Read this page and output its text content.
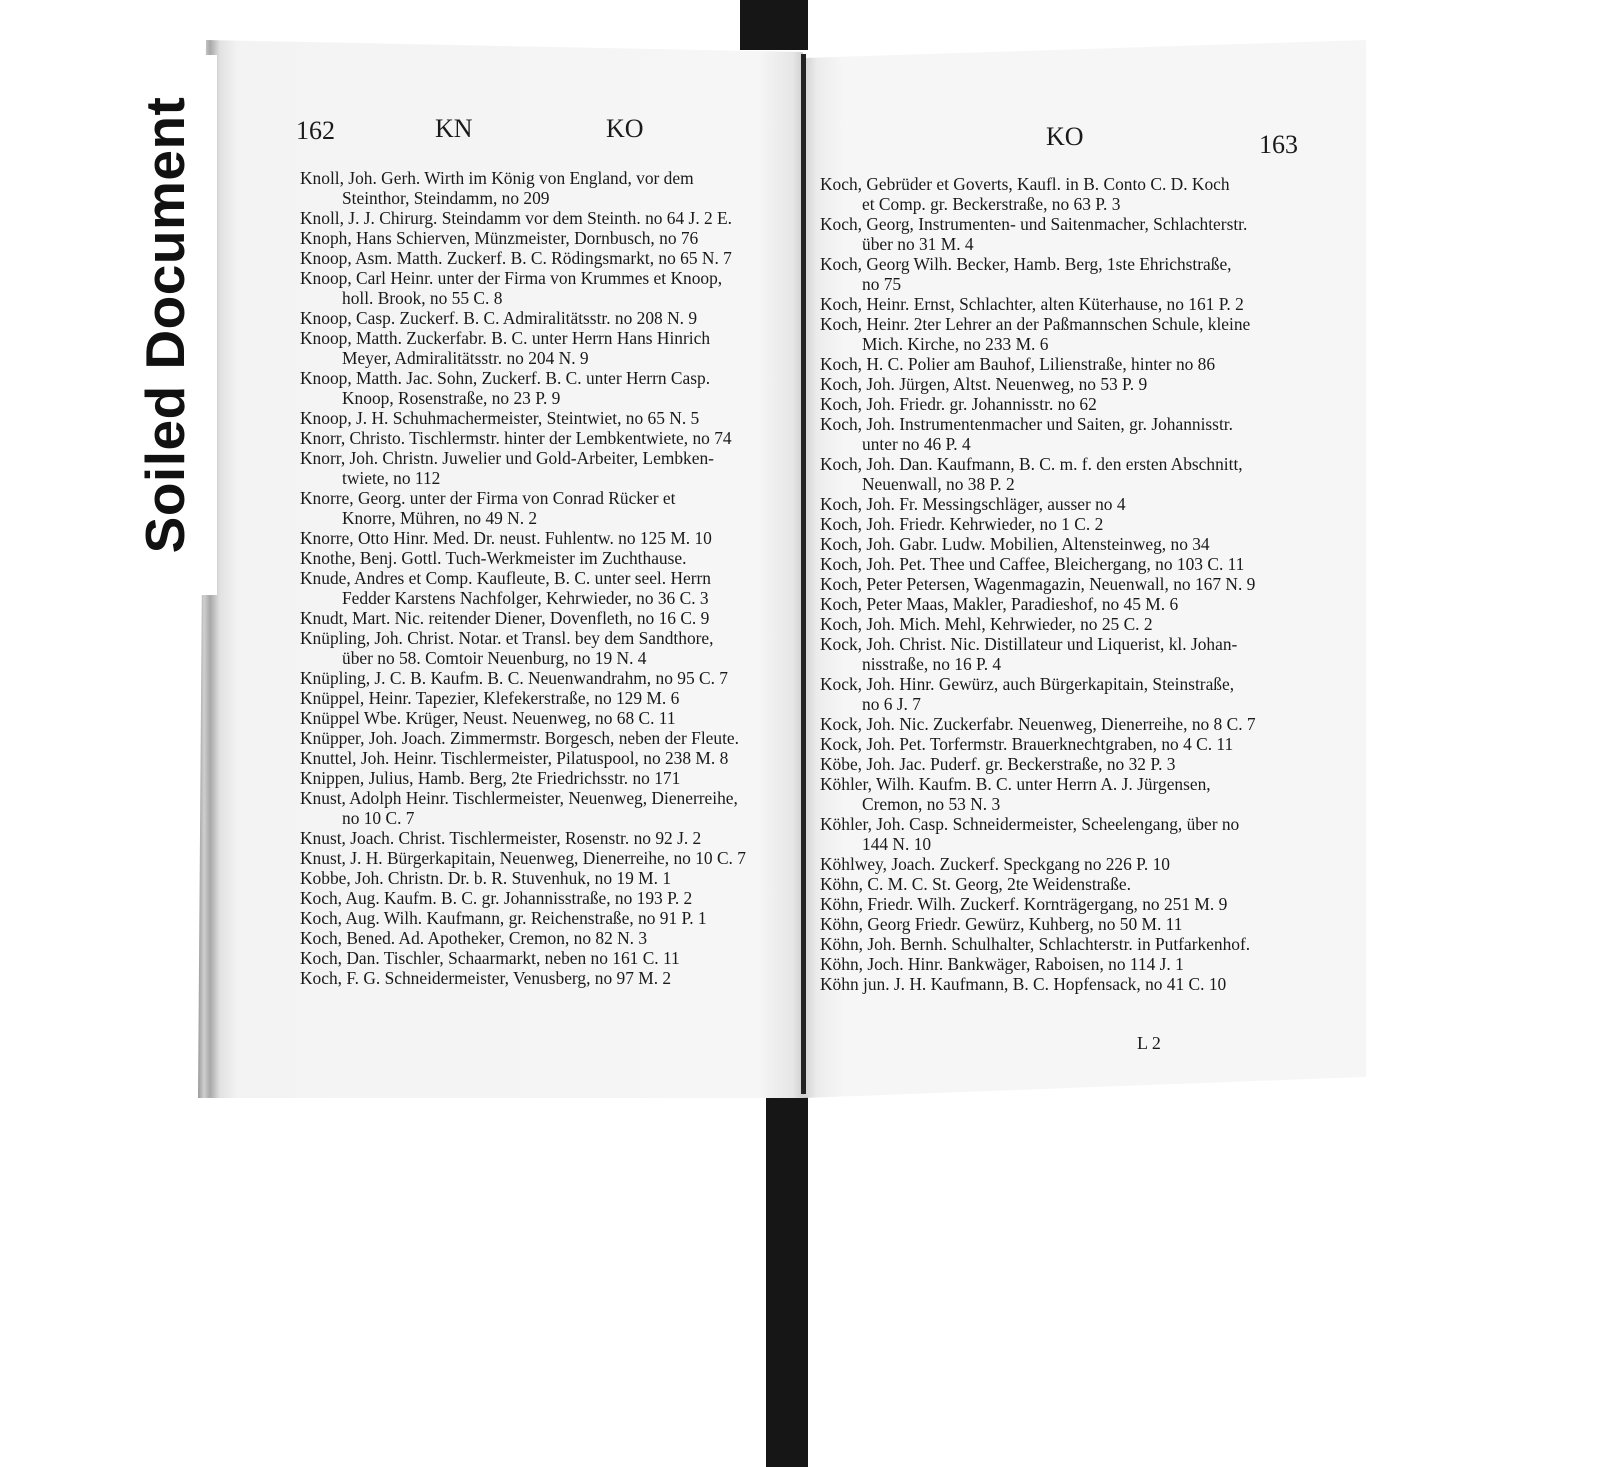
Soiled Document	162	KN	KO	KO	163
Knoll, Joh. Gerh. Wirth im König von England, vor dem
Steinthor, Steindamm, no 209
Knoll, J. J. Chirurg. Steindamm vor dem Steinth. no 64 J. 2 E.
Knoph, Hans Schierven, Münzmeister, Dornbusch, no 76
Knoop, Asm. Matth. Zuckerf. B. C. Rödingsmarkt, no 65 N. 7
Knoop, Carl Heinr. unter der Firma von Krummes et Knoop,
holl. Brook, no 55 C. 8
Knoop, Casp. Zuckerf. B. C. Admiralitätsstr. no 208 N. 9
Knoop, Matth. Zuckerfabr. B. C. unter Herrn Hans Hinrich
Meyer, Admiralitätsstr. no 204 N. 9
Knoop, Matth. Jac. Sohn, Zuckerf. B. C. unter Herrn Casp.
Knoop, Rosenstraße, no 23 P. 9
Knoop, J. H. Schuhmachermeister, Steintwiet, no 65 N. 5
Knorr, Christo. Tischlermstr. hinter der Lembkentwiete, no 74
Knorr, Joh. Christn. Juwelier und Gold-Arbeiter, Lembken-
twiete, no 112
Knorre, Georg. unter der Firma von Conrad Rücker et
Knorre, Mühren, no 49 N. 2
Knorre, Otto Hinr. Med. Dr. neust. Fuhlentw. no 125 M. 10
Knothe, Benj. Gottl. Tuch-Werkmeister im Zuchthause.
Knude, Andres et Comp. Kaufleute, B. C. unter seel. Herrn
Fedder Karstens Nachfolger, Kehrwieder, no 36 C. 3
Knudt, Mart. Nic. reitender Diener, Dovenfleth, no 16 C. 9
Knüpling, Joh. Christ. Notar. et Transl. bey dem Sandthore,
über no 58. Comtoir Neuenburg, no 19 N. 4
Knüpling, J. C. B. Kaufm. B. C. Neuenwandrahm, no 95 C. 7
Knüppel, Heinr. Tapezier, Klefekerstraße, no 129 M. 6
Knüppel Wbe. Krüger, Neust. Neuenweg, no 68 C. 11
Knüpper, Joh. Joach. Zimmermstr. Borgesch, neben der Fleute.
Knuttel, Joh. Heinr. Tischlermeister, Pilatuspool, no 238 M. 8
Knippen, Julius, Hamb. Berg, 2te Friedrichsstr. no 171
Knust, Adolph Heinr. Tischlermeister, Neuenweg, Dienerreihe,
no 10 C. 7
Knust, Joach. Christ. Tischlermeister, Rosenstr. no 92 J. 2
Knust, J. H. Bürgerkapitain, Neuenweg, Dienerreihe, no 10 C. 7
Kobbe, Joh. Christn. Dr. b. R. Stuvenhuk, no 19 M. 1
Koch, Aug. Kaufm. B. C. gr. Johannisstraße, no 193 P. 2
Koch, Aug. Wilh. Kaufmann, gr. Reichenstraße, no 91 P. 1
Koch, Bened. Ad. Apotheker, Cremon, no 82 N. 3
Koch, Dan. Tischler, Schaarmarkt, neben no 161 C. 11
Koch, F. G. Schneidermeister, Venusberg, no 97 M. 2
Koch, Gebrüder et Goverts, Kaufl. in B. Conto C. D. Koch
et Comp. gr. Beckerstraße, no 63 P. 3
Koch, Georg, Instrumenten- und Saitenmacher, Schlachterstr.
über no 31 M. 4
Koch, Georg Wilh. Becker, Hamb. Berg, 1ste Ehrichstraße,
no 75
Koch, Heinr. Ernst, Schlachter, alten Küterhause, no 161 P. 2
Koch, Heinr. 2ter Lehrer an der Paßmannschen Schule, kleine
Mich. Kirche, no 233 M. 6
Koch, H. C. Polier am Bauhof, Lilienstraße, hinter no 86
Koch, Joh. Jürgen, Altst. Neuenweg, no 53 P. 9
Koch, Joh. Friedr. gr. Johannisstr. no 62
Koch, Joh. Instrumentenmacher und Saiten, gr. Johannisstr.
unter no 46 P. 4
Koch, Joh. Dan. Kaufmann, B. C. m. f. den ersten Abschnitt,
Neuenwall, no 38 P. 2
Koch, Joh. Fr. Messingschläger, ausser no 4
Koch, Joh. Friedr. Kehrwieder, no 1 C. 2
Koch, Joh. Gabr. Ludw. Mobilien, Altensteinweg, no 34
Koch, Joh. Pet. Thee und Caffee, Bleichergang, no 103 C. 11
Koch, Peter Petersen, Wagenmagazin, Neuenwall, no 167 N. 9
Koch, Peter Maas, Makler, Paradieshof, no 45 M. 6
Koch, Joh. Mich. Mehl, Kehrwieder, no 25 C. 2
Kock, Joh. Christ. Nic. Distillateur und Liquerist, kl. Johan-
nisstraße, no 16 P. 4
Kock, Joh. Hinr. Gewürz, auch Bürgerkapitain, Steinstraße,
no 6 J. 7
Kock, Joh. Nic. Zuckerfabr. Neuenweg, Dienerreihe, no 8 C. 7
Kock, Joh. Pet. Torfermstr. Brauerknechtgraben, no 4 C. 11
Köbe, Joh. Jac. Puderf. gr. Beckerstraße, no 32 P. 3
Köhler, Wilh. Kaufm. B. C. unter Herrn A. J. Jürgensen,
Cremon, no 53 N. 3
Köhler, Joh. Casp. Schneidermeister, Scheelengang, über no
144 N. 10
Köhlwey, Joach. Zuckerf. Speckgang no 226 P. 10
Köhn, C. M. C. St. Georg, 2te Weidenstraße.
Köhn, Friedr. Wilh. Zuckerf. Kornträgergang, no 251 M. 9
Köhn, Georg Friedr. Gewürz, Kuhberg, no 50 M. 11
Köhn, Joh. Bernh. Schulhalter, Schlachterstr. in Putfarkenhof.
Köhn, Joch. Hinr. Bankwäger, Raboisen, no 114 J. 1
Köhn jun. J. H. Kaufmann, B. C. Hopfensack, no 41 C. 10
L 2
